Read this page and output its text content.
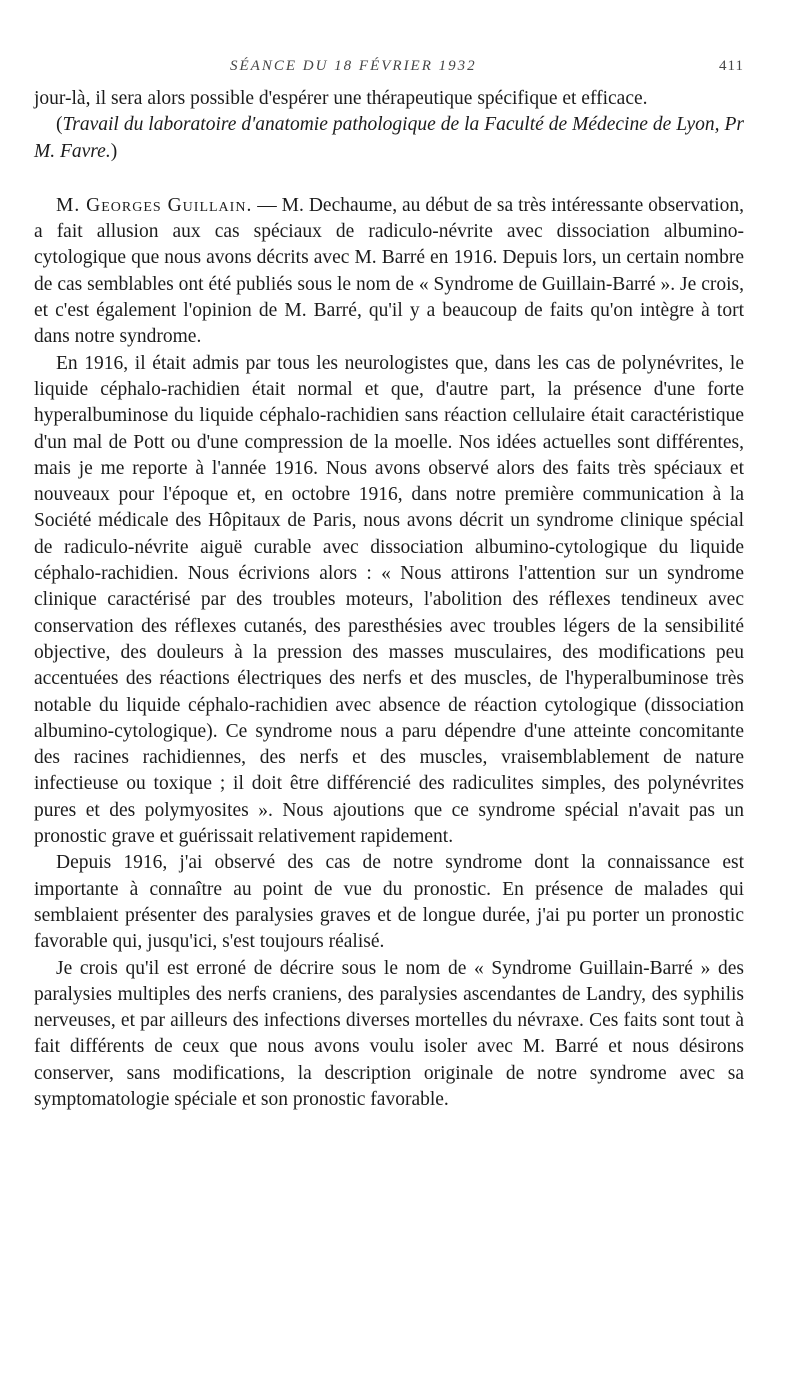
SÉANCE DU 18 FÉVRIER 1932	411

jour-là, il sera alors possible d'espérer une thérapeutique spécifique et efficace.

(Travail du laboratoire d'anatomie pathologique de la Faculté de Médecine de Lyon, Pr M. Favre.)

M. Georges Guillain. — M. Dechaume, au début de sa très intéressante observation, a fait allusion aux cas spéciaux de radiculo-névrite avec dissociation albumino-cytologique que nous avons décrits avec M. Barré en 1916. Depuis lors, un certain nombre de cas semblables ont été publiés sous le nom de « Syndrome de Guillain-Barré ». Je crois, et c'est également l'opinion de M. Barré, qu'il y a beaucoup de faits qu'on intègre à tort dans notre syndrome.

En 1916, il était admis par tous les neurologistes que, dans les cas de polynévrites, le liquide céphalo-rachidien était normal et que, d'autre part, la présence d'une forte hyperalbuminose du liquide céphalo-rachidien sans réaction cellulaire était caractéristique d'un mal de Pott ou d'une compression de la moelle. Nos idées actuelles sont différentes, mais je me reporte à l'année 1916. Nous avons observé alors des faits très spéciaux et nouveaux pour l'époque et, en octobre 1916, dans notre première communication à la Société médicale des Hôpitaux de Paris, nous avons décrit un syndrome clinique spécial de radiculo-névrite aiguë curable avec dissociation albumino-cytologique du liquide céphalo-rachidien. Nous écrivions alors : « Nous attirons l'attention sur un syndrome clinique caractérisé par des troubles moteurs, l'abolition des réflexes tendineux avec conservation des réflexes cutanés, des paresthésies avec troubles légers de la sensibilité objective, des douleurs à la pression des masses musculaires, des modifications peu accentuées des réactions électriques des nerfs et des muscles, de l'hyperalbuminose très notable du liquide céphalo-rachidien avec absence de réaction cytologique (dissociation albumino-cytologique). Ce syndrome nous a paru dépendre d'une atteinte concomitante des racines rachidiennes, des nerfs et des muscles, vraisemblablement de nature infectieuse ou toxique ; il doit être différencié des radiculites simples, des polynévrites pures et des polymyosites ». Nous ajoutions que ce syndrome spécial n'avait pas un pronostic grave et guérissait relativement rapidement.

Depuis 1916, j'ai observé des cas de notre syndrome dont la connaissance est importante à connaître au point de vue du pronostic. En présence de malades qui semblaient présenter des paralysies graves et de longue durée, j'ai pu porter un pronostic favorable qui, jusqu'ici, s'est toujours réalisé.

Je crois qu'il est erroné de décrire sous le nom de « Syndrome Guillain-Barré » des paralysies multiples des nerfs craniens, des paralysies ascendantes de Landry, des syphilis nerveuses, et par ailleurs des infections diverses mortelles du névraxe. Ces faits sont tout à fait différents de ceux que nous avons voulu isoler avec M. Barré et nous désirons conserver, sans modifications, la description originale de notre syndrome avec sa symptomatologie spéciale et son pronostic favorable.
